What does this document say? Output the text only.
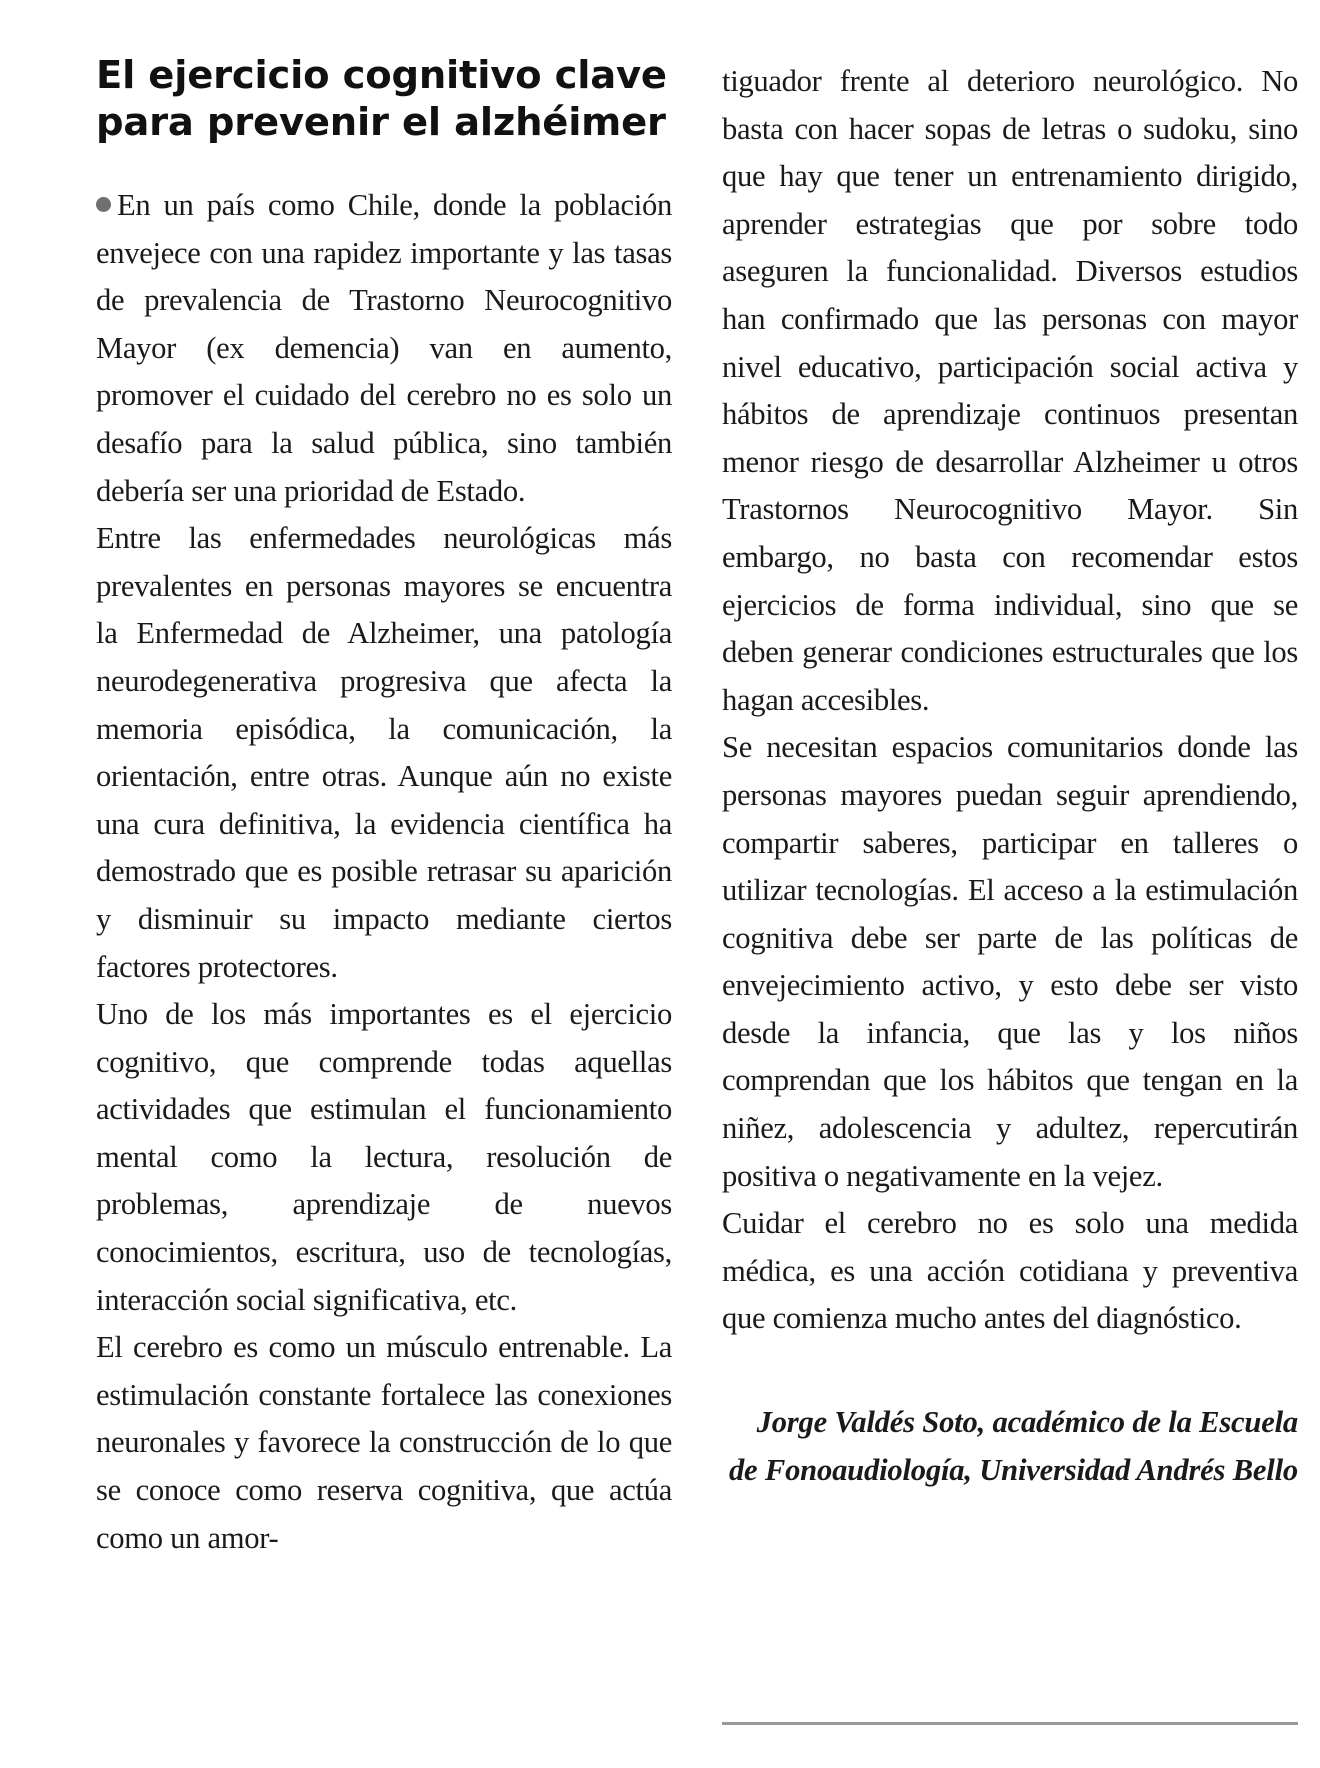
El ejercicio cognitivo clave para prevenir el alzhéimer

En un país como Chile, donde la población envejece con una rapidez importante y las tasas de prevalencia de Trastorno Neurocognitivo Mayor (ex demencia) van en aumento, promover el cuidado del cerebro no es solo un desafío para la salud pública, sino también debería ser una prioridad de Estado.

Entre las enfermedades neurológicas más prevalentes en personas mayores se encuentra la Enfermedad de Alzheimer, una patología neurodegenerativa progresiva que afecta la memoria episódica, la comunicación, la orientación, entre otras. Aunque aún no existe una cura definitiva, la evidencia científica ha demostrado que es posible retrasar su aparición y disminuir su impacto mediante ciertos factores protectores.

Uno de los más importantes es el ejercicio cognitivo, que comprende todas aquellas actividades que estimulan el funcionamiento mental como la lectura, resolución de problemas, aprendizaje de nuevos conocimientos, escritura, uso de tecnologías, interacción social significativa, etc.

El cerebro es como un músculo entrenable. La estimulación constante fortalece las conexiones neuronales y favorece la construcción de lo que se conoce como reserva cognitiva, que actúa como un amor-

tiguador frente al deterioro neurológico. No basta con hacer sopas de letras o sudoku, sino que hay que tener un entrenamiento dirigido, aprender estrategias que por sobre todo aseguren la funcionalidad. Diversos estudios han confirmado que las personas con mayor nivel educativo, participación social activa y hábitos de aprendizaje continuos presentan menor riesgo de desarrollar Alzheimer u otros Trastornos Neurocognitivo Mayor. Sin embargo, no basta con recomendar estos ejercicios de forma individual, sino que se deben generar condiciones estructurales que los hagan accesibles.

Se necesitan espacios comunitarios donde las personas mayores puedan seguir aprendiendo, compartir saberes, participar en talleres o utilizar tecnologías. El acceso a la estimulación cognitiva debe ser parte de las políticas de envejecimiento activo, y esto debe ser visto desde la infancia, que las y los niños comprendan que los hábitos que tengan en la niñez, adolescencia y adultez, repercutirán positiva o negativamente en la vejez.

Cuidar el cerebro no es solo una medida médica, es una acción cotidiana y preventiva que comienza mucho antes del diagnóstico.

Jorge Valdés Soto, académico de la Escuela de Fonoaudiología, Universidad Andrés Bello
